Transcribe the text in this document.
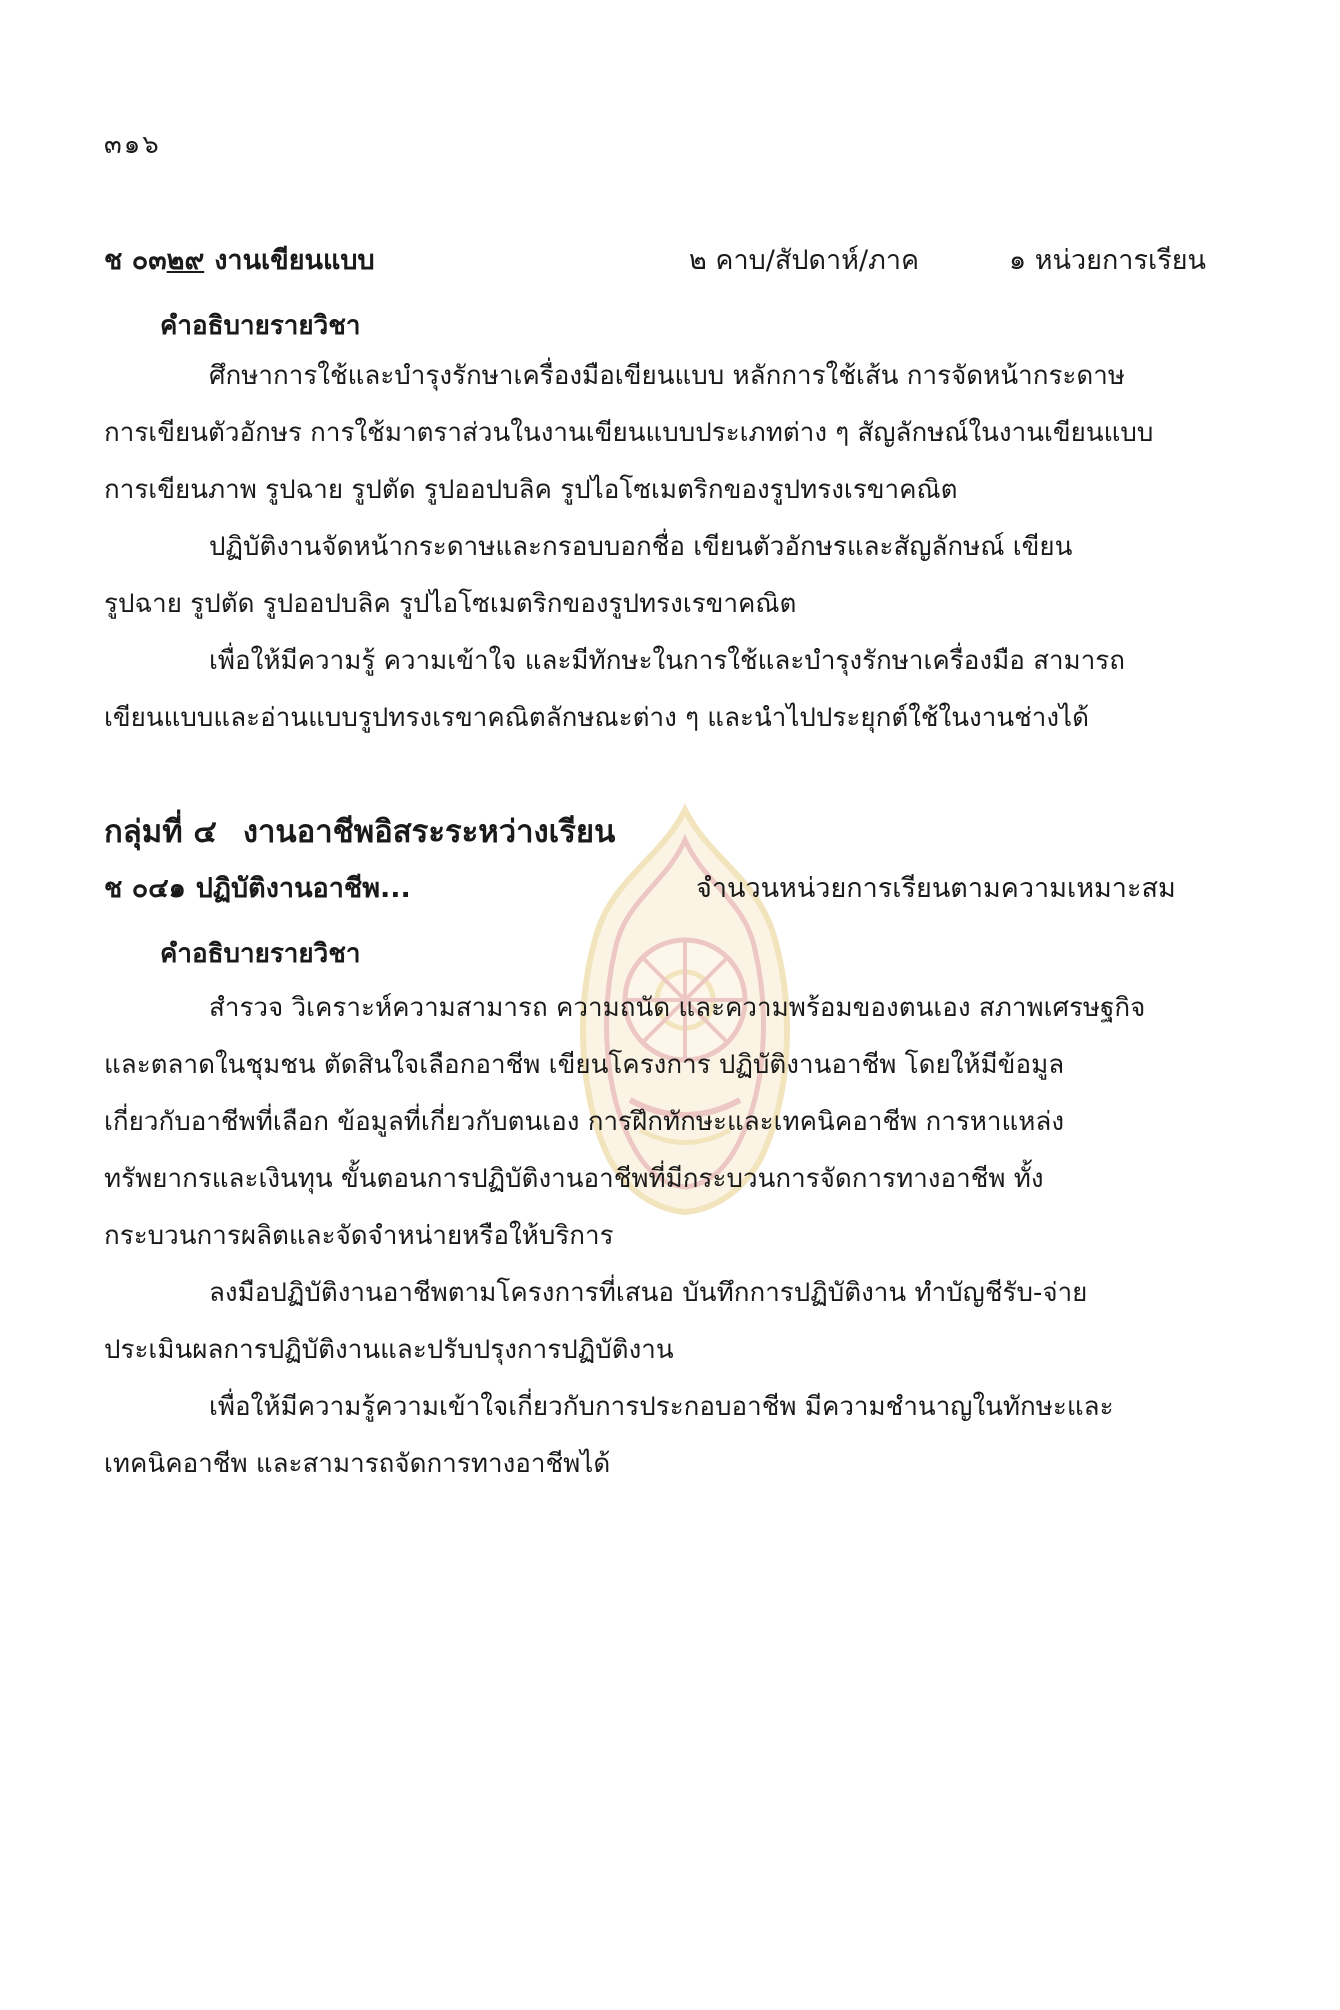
๓๑๖
ช ๐๓๒๙ งานเขียนแบบ	๒ คาบ/สัปดาห์/ภาค	๑ หน่วยการเรียน
คำอธิบายรายวิชา
ศึกษาการใช้และบำรุงรักษาเครื่องมือเขียนแบบ หลักการใช้เส้น การจัดหน้ากระดาษ
การเขียนตัวอักษร การใช้มาตราส่วนในงานเขียนแบบประเภทต่าง ๆ สัญลักษณ์ในงานเขียนแบบ
การเขียนภาพ รูปฉาย รูปตัด รูปออปบลิค รูปไอโซเมตริกของรูปทรงเรขาคณิต
ปฏิบัติงานจัดหน้ากระดาษและกรอบบอกชื่อ เขียนตัวอักษรและสัญลักษณ์ เขียน
รูปฉาย รูปตัด รูปออปบลิค รูปไอโซเมตริกของรูปทรงเรขาคณิต
เพื่อให้มีความรู้ ความเข้าใจ และมีทักษะในการใช้และบำรุงรักษาเครื่องมือ สามารถ
เขียนแบบและอ่านแบบรูปทรงเรขาคณิตลักษณะต่าง ๆ และนำไปประยุกต์ใช้ในงานช่างได้
กลุ่มที่ ๔ งานอาชีพอิสระระหว่างเรียน
ช ๐๔๑ ปฏิบัติงานอาชีพ...	จำนวนหน่วยการเรียนตามความเหมาะสม
คำอธิบายรายวิชา
สำรวจ วิเคราะห์ความสามารถ ความถนัด และความพร้อมของตนเอง สภาพเศรษฐกิจ
และตลาดในชุมชน ตัดสินใจเลือกอาชีพ เขียนโครงการ ปฏิบัติงานอาชีพ โดยให้มีข้อมูล
เกี่ยวกับอาชีพที่เลือก ข้อมูลที่เกี่ยวกับตนเอง การฝึกทักษะและเทคนิคอาชีพ การหาแหล่ง
ทรัพยากรและเงินทุน ขั้นตอนการปฏิบัติงานอาชีพที่มีกระบวนการจัดการทางอาชีพ ทั้ง
กระบวนการผลิตและจัดจำหน่ายหรือให้บริการ
ลงมือปฏิบัติงานอาชีพตามโครงการที่เสนอ บันทึกการปฏิบัติงาน ทำบัญชีรับ-จ่าย
ประเมินผลการปฏิบัติงานและปรับปรุงการปฏิบัติงาน
เพื่อให้มีความรู้ความเข้าใจเกี่ยวกับการประกอบอาชีพ มีความชำนาญในทักษะและ
เทคนิคอาชีพ และสามารถจัดการทางอาชีพได้
